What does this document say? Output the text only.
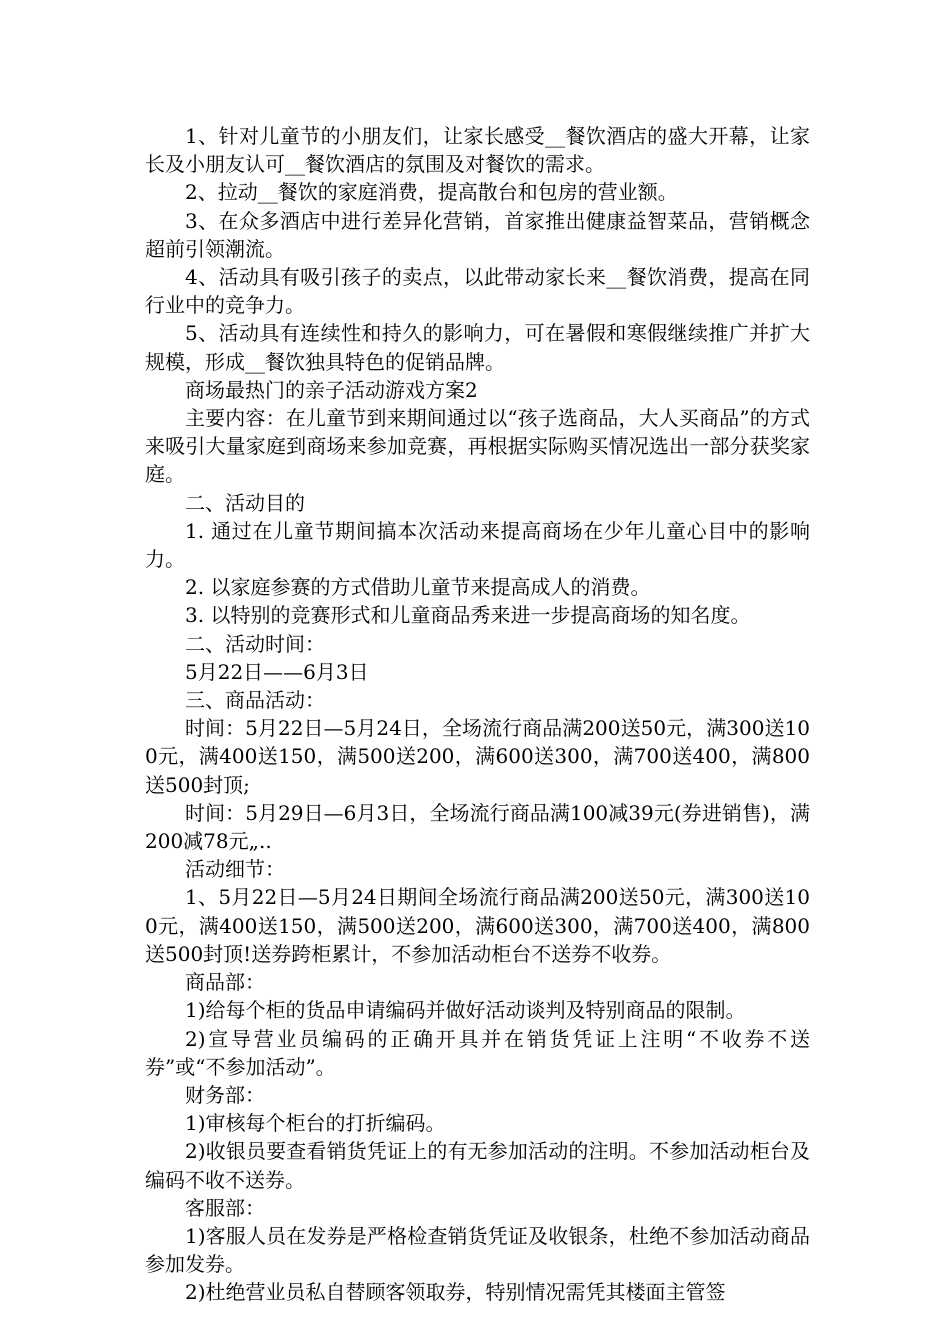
1、针对儿童节的小朋友们，让家长感受__餐饮酒店的盛大开幕，让家长及小朋友认可__餐饮酒店的氛围及对餐饮的需求。

2、拉动__餐饮的家庭消费，提高散台和包房的营业额。

3、在众多酒店中进行差异化营销，首家推出健康益智菜品，营销概念超前引领潮流。

4、活动具有吸引孩子的卖点，以此带动家长来__餐饮消费，提高在同行业中的竞争力。

5、活动具有连续性和持久的影响力，可在暑假和寒假继续推广并扩大规模，形成__餐饮独具特色的促销品牌。

商场最热门的亲子活动游戏方案2

主要内容：在儿童节到来期间通过以“孩子选商品，大人买商品”的方式来吸引大量家庭到商场来参加竞赛，再根据实际购买情况选出一部分获奖家庭。

二、活动目的

1. 通过在儿童节期间搞本次活动来提高商场在少年儿童心目中的影响力。

2. 以家庭参赛的方式借助儿童节来提高成人的消费。

3. 以特别的竞赛形式和儿童商品秀来进一步提高商场的知名度。

二、活动时间：

5月22日——6月3日

三、商品活动：

时间：5月22日—5月24日，全场流行商品满200送50元，满300送100元，满400送150，满500送200，满600送300，满700送400，满800送500封顶;

时间：5月29日—6月3日，全场流行商品满100减39元(券进销售)，满200减78元„..

活动细节：

1、5月22日—5月24日期间全场流行商品满200送50元，满300送100元，满400送150，满500送200，满600送300，满700送400，满800送500封顶!送券跨柜累计，不参加活动柜台不送券不收券。

商品部：

1)给每个柜的货品申请编码并做好活动谈判及特别商品的限制。

2)宣导营业员编码的正确开具并在销货凭证上注明“不收券不送券”或“不参加活动”。

财务部：

1)审核每个柜台的打折编码。

2)收银员要查看销货凭证上的有无参加活动的注明。不参加活动柜台及编码不收不送券。

客服部：

1)客服人员在发券是严格检查销货凭证及收银条，杜绝不参加活动商品参加发券。

2)杜绝营业员私自替顾客领取券，特别情况需凭其楼面主管签
